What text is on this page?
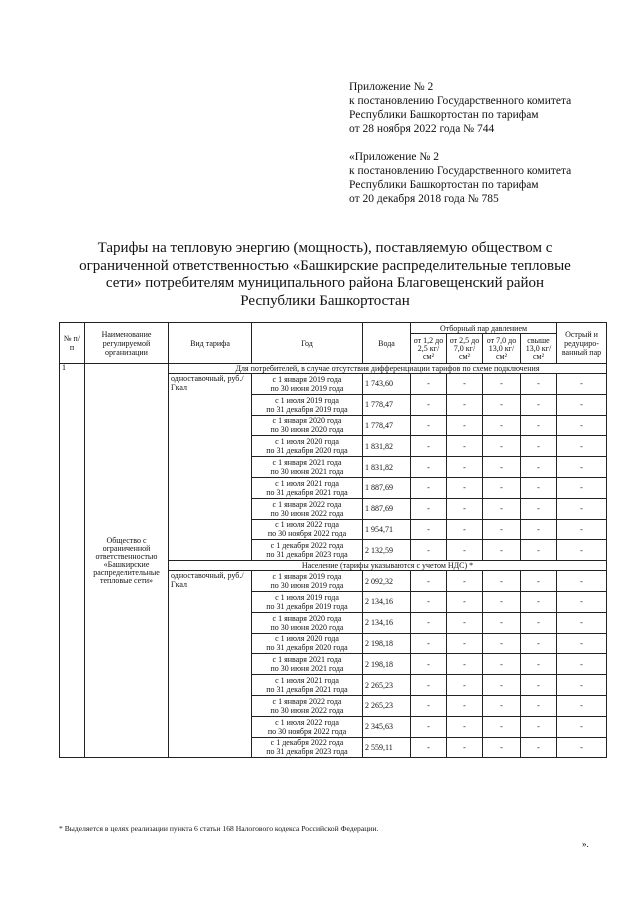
Приложение № 2
к постановлению Государственного комитета
Республики Башкортостан по тарифам
от 28 ноября 2022 года № 744
«Приложение № 2
к постановлению Государственного комитета
Республики Башкортостан по тарифам
от 20 декабря 2018 года № 785
Тарифы на тепловую энергию (мощность), поставляемую обществом с
ограниченной ответственностью «Башкирские распределительные тепловые
сети» потребителям муниципального района Благовещенский район
Республики Башкортостан
№ п/п	Наименование регулируемой организации	Вид тарифа	Год	Вода	Отборный пар давлением				Острый и редуциро-ванный пар
					от 1,2 до 2,5 кг/см²	от 2,5 до 7,0 кг/см²	от 7,0 до 13,0 кг/см²	свыше 13,0 кг/см²	
1	Общество с ограниченной ответственностью «Башкирские распределительные тепловые сети»	Для потребителей, в случае отсутствия дифференциации тарифов по схеме подключения							
		одноставочный, руб./Гкал	с 1 января 2019 года
по 30 июня 2019 года	1 743,60	-	-	-	-	-

			с 1 июля 2019 года
по 31 декабря 2019 года	1 778,47	-	-	-	-	-

			с 1 января 2020 года
по 30 июня 2020 года	1 778,47	-	-	-	-	-

			с 1 июля 2020 года
по 31 декабря 2020 года	1 831,82	-	-	-	-	-

			с 1 января 2021 года
по 30 июня 2021 года	1 831,82	-	-	-	-	-

			с 1 июля 2021 года
по 31 декабря 2021 года	1 887,69	-	-	-	-	-

			с 1 января 2022 года
по 30 июня 2022 года	1 887,69	-	-	-	-	-

			с 1 июля 2022 года
по 30 ноября 2022 года	1 954,71	-	-	-	-	-

			с 1 декабря 2022 года
по 31 декабря 2023 года	2 132,59	-	-	-	-	-
		Население (тарифы указываются с учетом НДС) *							
		одноставочный, руб./Гкал	с 1 января 2019 года
по 30 июня 2019 года	2 092,32	-	-	-	-	-

			с 1 июля 2019 года
по 31 декабря 2019 года	2 134,16	-	-	-	-	-

			с 1 января 2020 года
по 30 июня 2020 года	2 134,16	-	-	-	-	-

			с 1 июля 2020 года
по 31 декабря 2020 года	2 198,18	-	-	-	-	-

			с 1 января 2021 года
по 30 июня 2021 года	2 198,18	-	-	-	-	-

			с 1 июля 2021 года
по 31 декабря 2021 года	2 265,23	-	-	-	-	-

			с 1 января 2022 года
по 30 июня 2022 года	2 265,23	-	-	-	-	-

			с 1 июля 2022 года
по 30 ноября 2022 года	2 345,63	-	-	-	-	-

			с 1 декабря 2022 года
по 31 декабря 2023 года	2 559,11	-	-	-	-	-
* Выделяется в целях реализации пункта 6 статьи 168 Налогового кодекса Российской Федерации.
».
